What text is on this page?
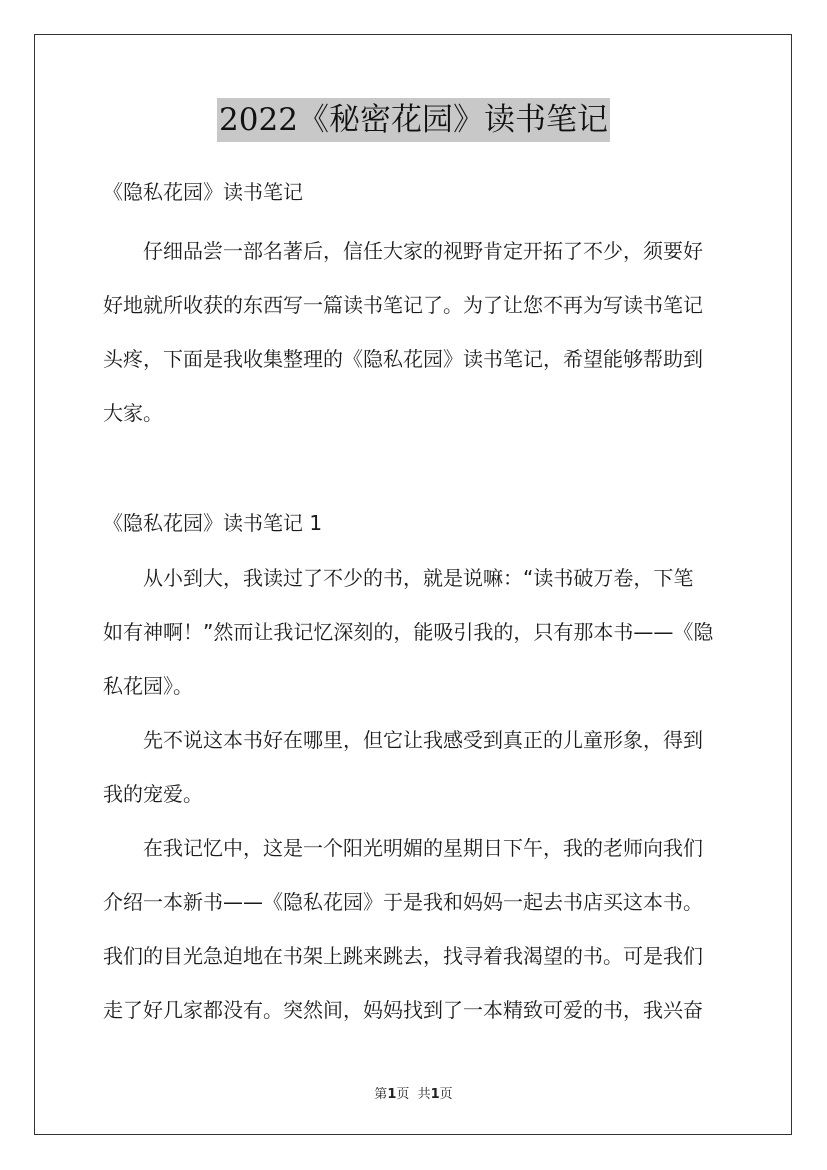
2022《秘密花园》读书笔记
《隐私花园》读书笔记
仔细品尝一部名著后，信任大家的视野肯定开拓了不少，须要好
好地就所收获的东西写一篇读书笔记了。为了让您不再为写读书笔记
头疼，下面是我收集整理的《隐私花园》读书笔记，希望能够帮助到
大家。
《隐私花园》读书笔记 1
从小到大，我读过了不少的书，就是说嘛：“读书破万卷，下笔
如有神啊！”然而让我记忆深刻的，能吸引我的，只有那本书——《隐
私花园》。
先不说这本书好在哪里，但它让我感受到真正的儿童形象，得到
我的宠爱。
在我记忆中，这是一个阳光明媚的星期日下午，我的老师向我们
介绍一本新书——《隐私花园》于是我和妈妈一起去书店买这本书。
我们的目光急迫地在书架上跳来跳去，找寻着我渴望的书。可是我们
走了好几家都没有。突然间，妈妈找到了一本精致可爱的书，我兴奋
第1页  共1页
